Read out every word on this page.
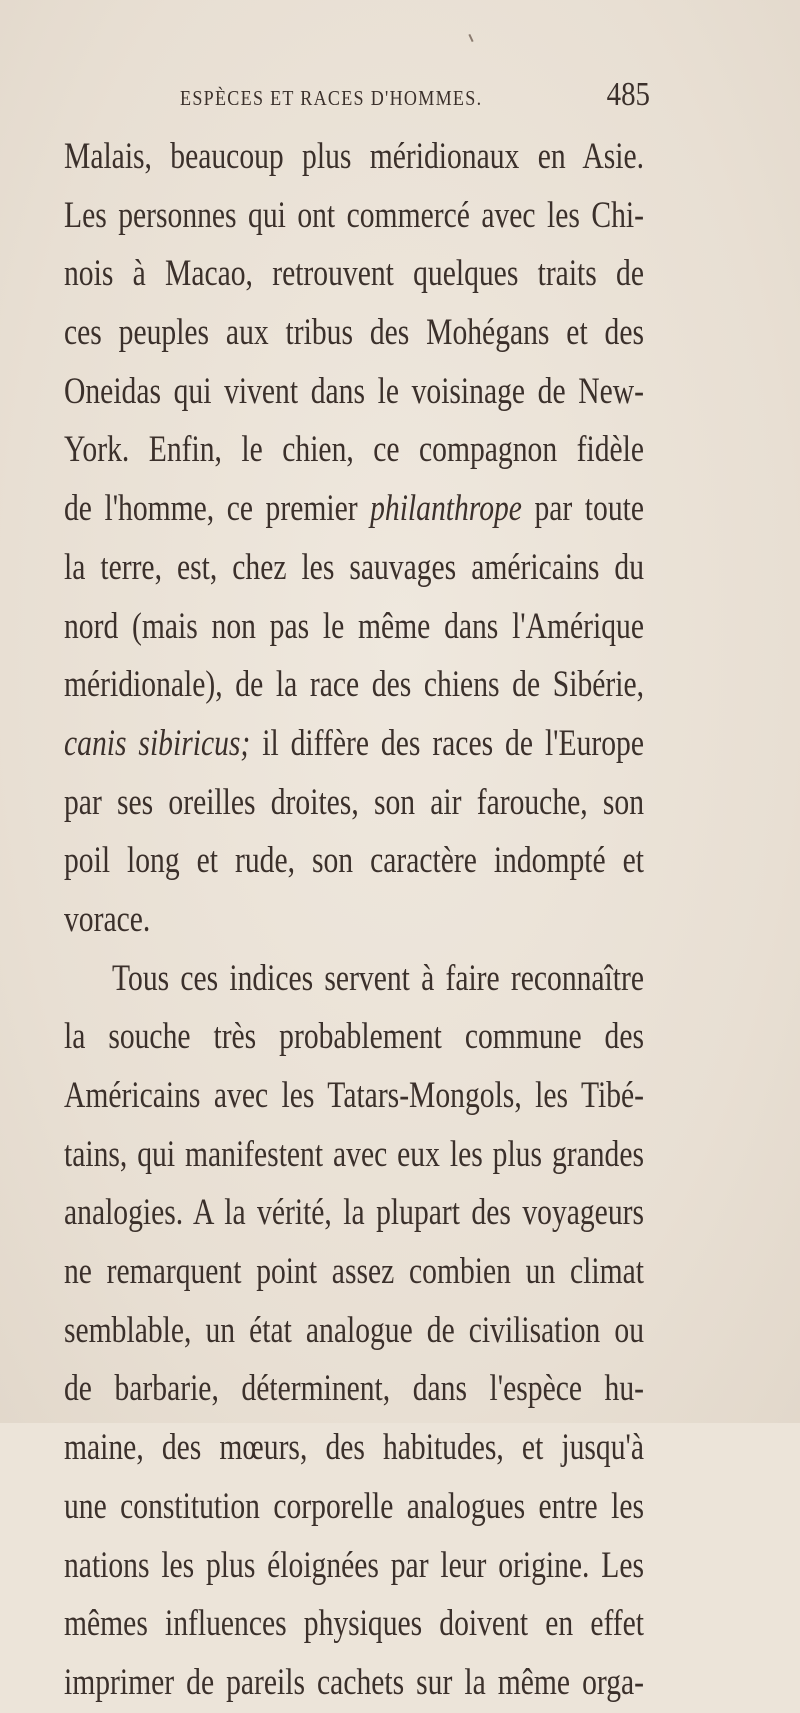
ESPÈCES ET RACES D'HOMMES.	485
Malais, beaucoup plus méridionaux en Asie.
Les personnes qui ont commercé avec les Chi-
nois à Macao, retrouvent quelques traits de
ces peuples aux tribus des Mohégans et des
Oneidas qui vivent dans le voisinage de New-
York. Enfin, le chien, ce compagnon fidèle
de l'homme, ce premier philanthrope par toute
la terre, est, chez les sauvages américains du
nord (mais non pas le même dans l'Amérique
méridionale), de la race des chiens de Sibérie,
canis sibiricus; il diffère des races de l'Europe
par ses oreilles droites, son air farouche, son
poil long et rude, son caractère indompté et
vorace.
Tous ces indices servent à faire reconnaître
la souche très probablement commune des
Américains avec les Tatars-Mongols, les Tibé-
tains, qui manifestent avec eux les plus grandes
analogies. A la vérité, la plupart des voyageurs
ne remarquent point assez combien un climat
semblable, un état analogue de civilisation ou
de barbarie, déterminent, dans l'espèce hu-
maine, des mœurs, des habitudes, et jusqu'à
une constitution corporelle analogues entre les
nations les plus éloignées par leur origine. Les
mêmes influences physiques doivent en effet
imprimer de pareils cachets sur la même orga-
